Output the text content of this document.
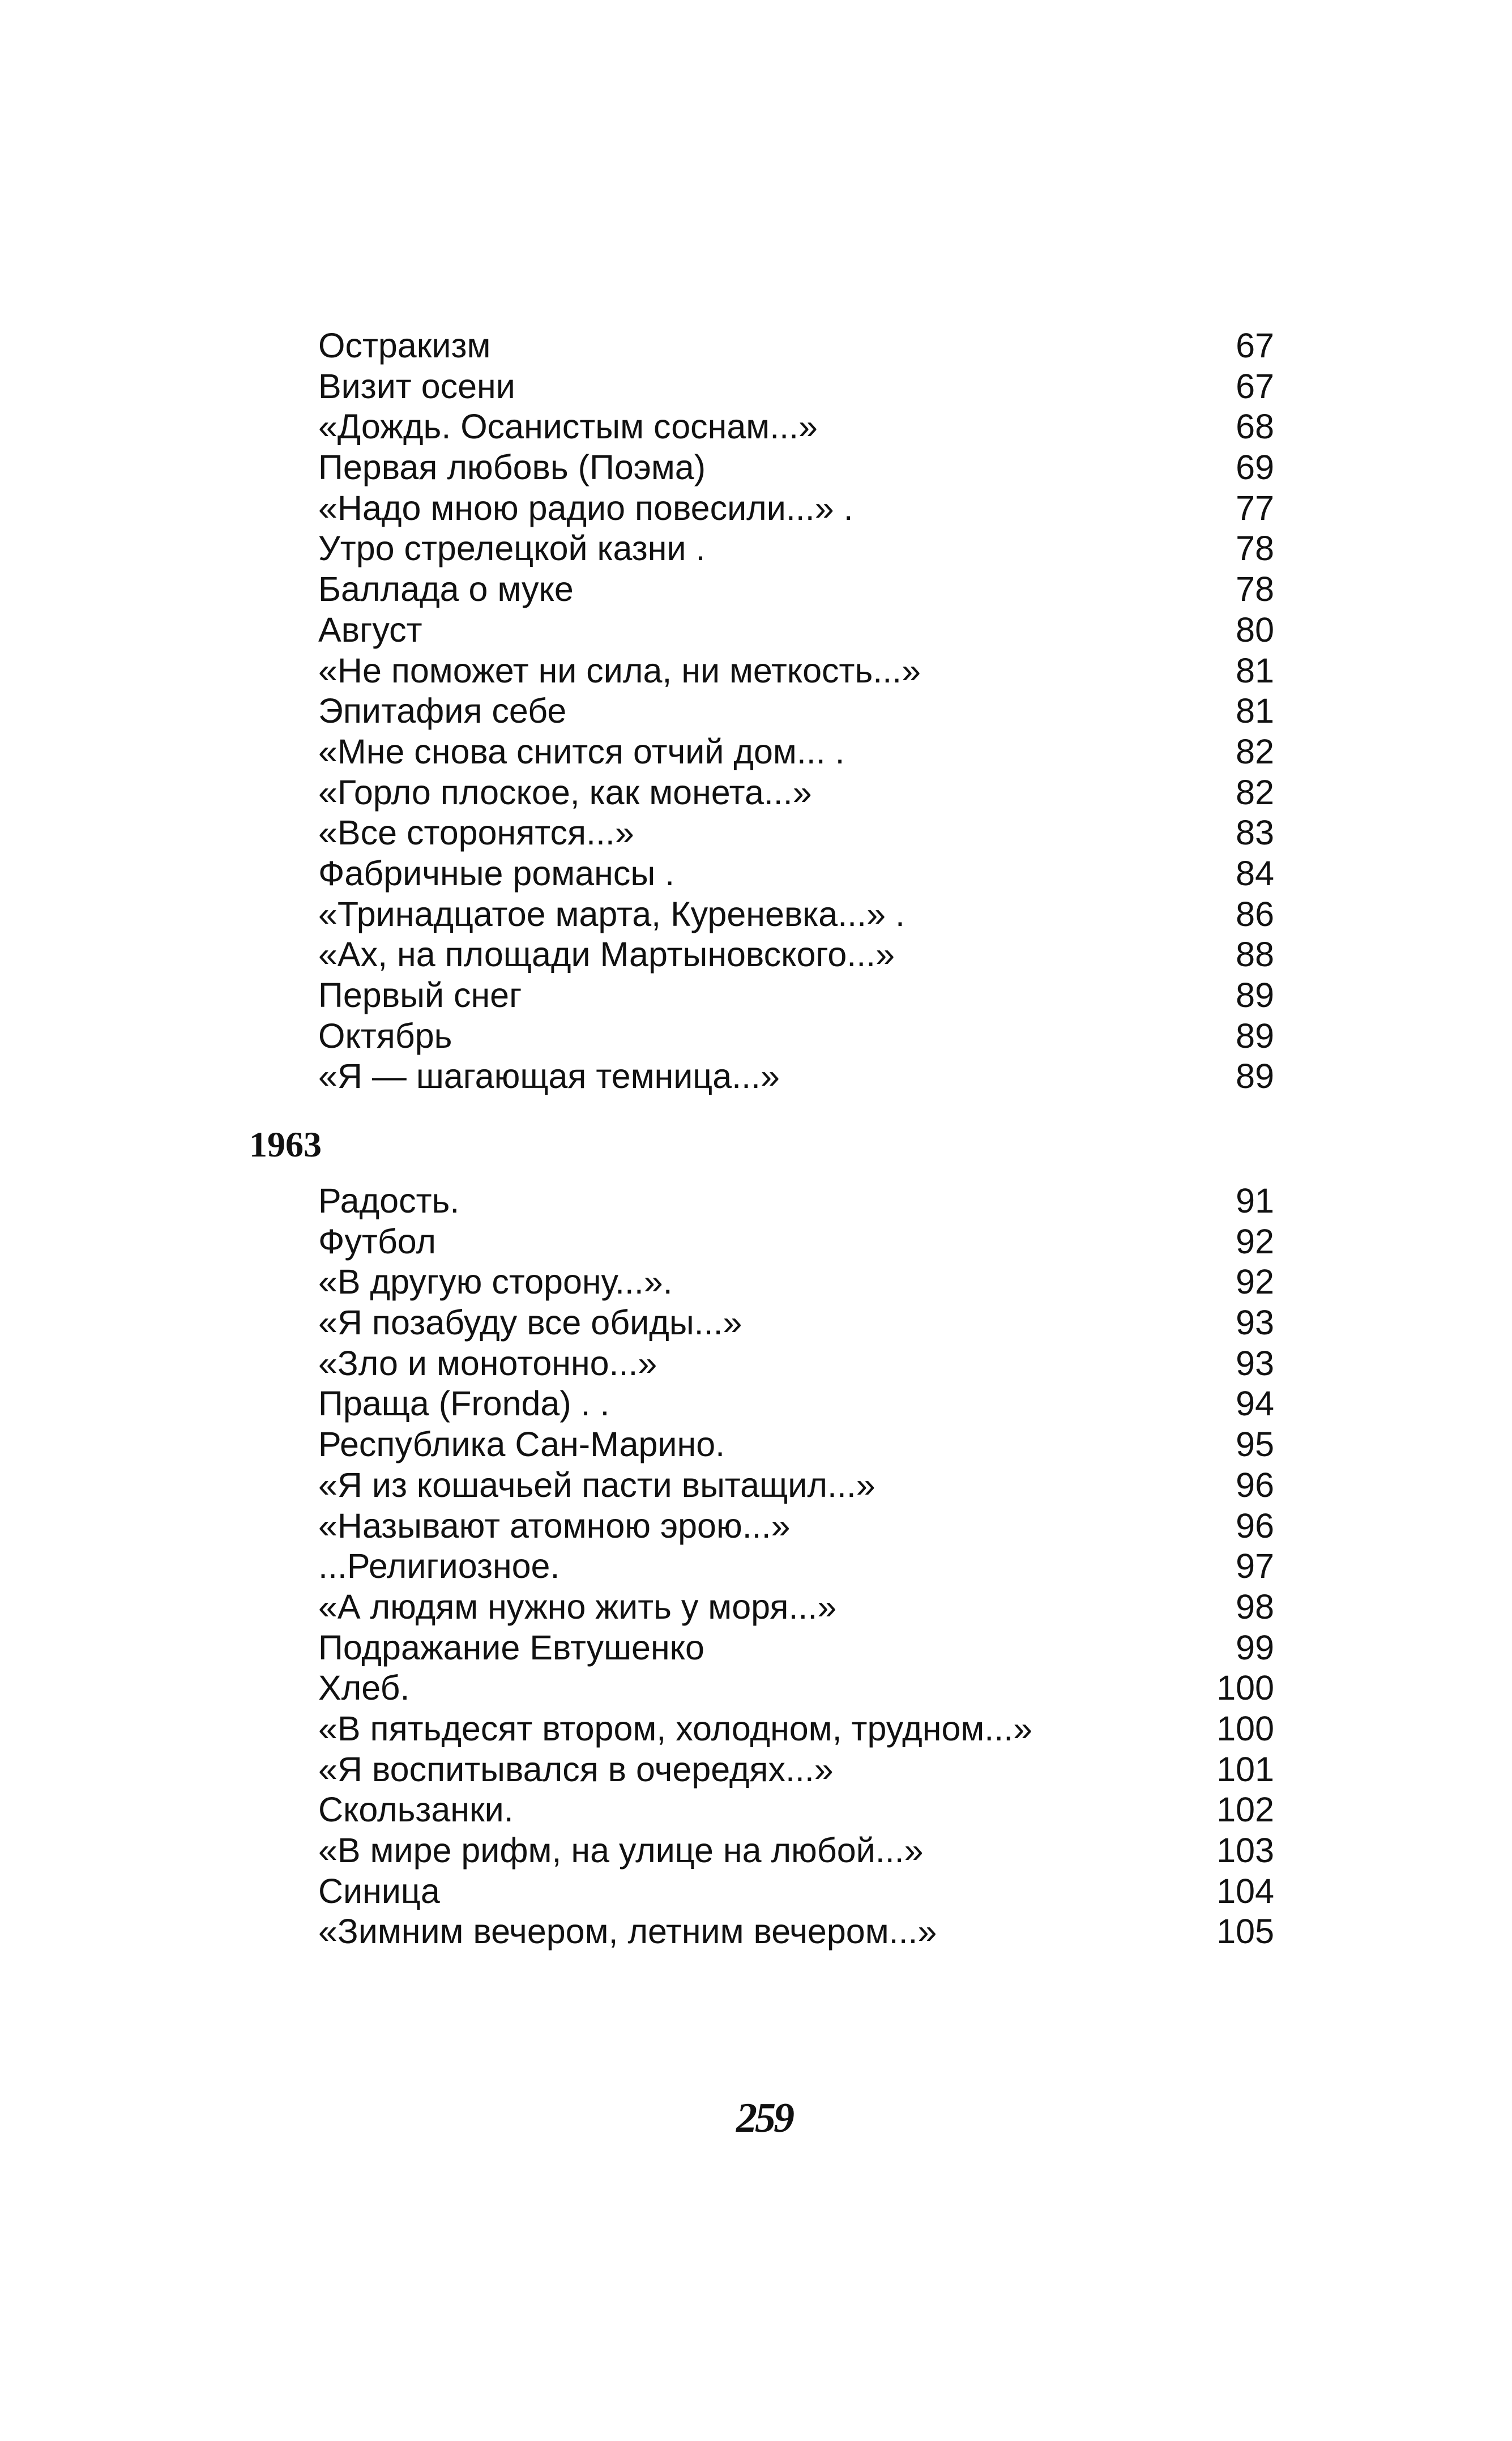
Остракизм	67
Визит осени	67
«Дождь. Оcанистым соснам...»	68
Первая любовь (Поэма)	69
«Надо мною радио повесили...» .	77
Утро стрелецкой казни .	78
Баллада о муке	78
Август	80
«Не поможет ни сила, ни меткость...»	81
Эпитафия себе	81
«Мне снова снится отчий дом... .	82
«Горло плоское, как монета...»	82
«Все сторонятся...»	83
Фабричные романсы .	84
«Тринадцатое марта, Куреневка...» .	86
«Ах, на площади Мартыновского...»	88
Первый снег	89
Октябрь	89
«Я — шагающая темница...»	89
1963
Радость.	91
Футбол	92
«В другую сторону...».	92
«Я позабуду все обиды...»	93
«Зло и монотонно...»	93
Праща (Fronda) . .	94
Республика Сан-Марино.	95
«Я из кошачьей пасти вытащил...»	96
«Называют атомною эрою...»	96
...Религиозное.	97
«А людям нужно жить у моря...»	98
Подражание Евтушенко	99
Хлеб.	100
«В пятьдесят втором, холодном, трудном...»	100
«Я воспитывался в очередях...»	101
Скользанки.	102
«В мире рифм, на улице на любой...»	103
Синица	104
«Зимним вечером, летним вечером...»	105
259
